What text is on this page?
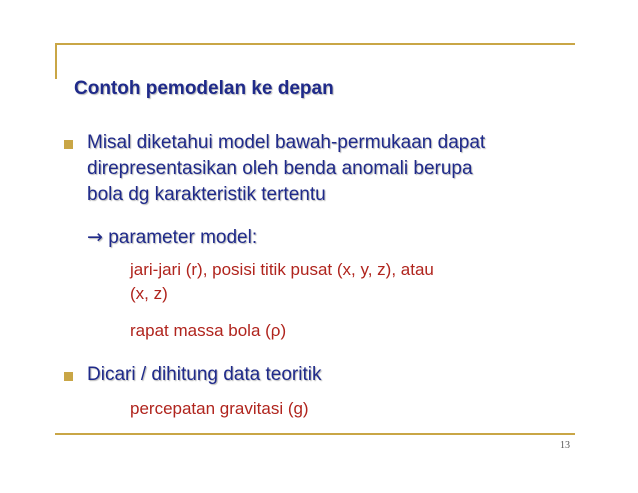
Contoh pemodelan ke depan
Misal diketahui model bawah-permukaan dapat
direpresentasikan oleh benda anomali berupa
bola dg karakteristik tertentu
→ parameter model:
jari-jari (r), posisi titik pusat (x, y, z), atau
(x, z)
rapat massa bola (ρ)
Dicari / dihitung data teoritik
percepatan gravitasi (g)
13
